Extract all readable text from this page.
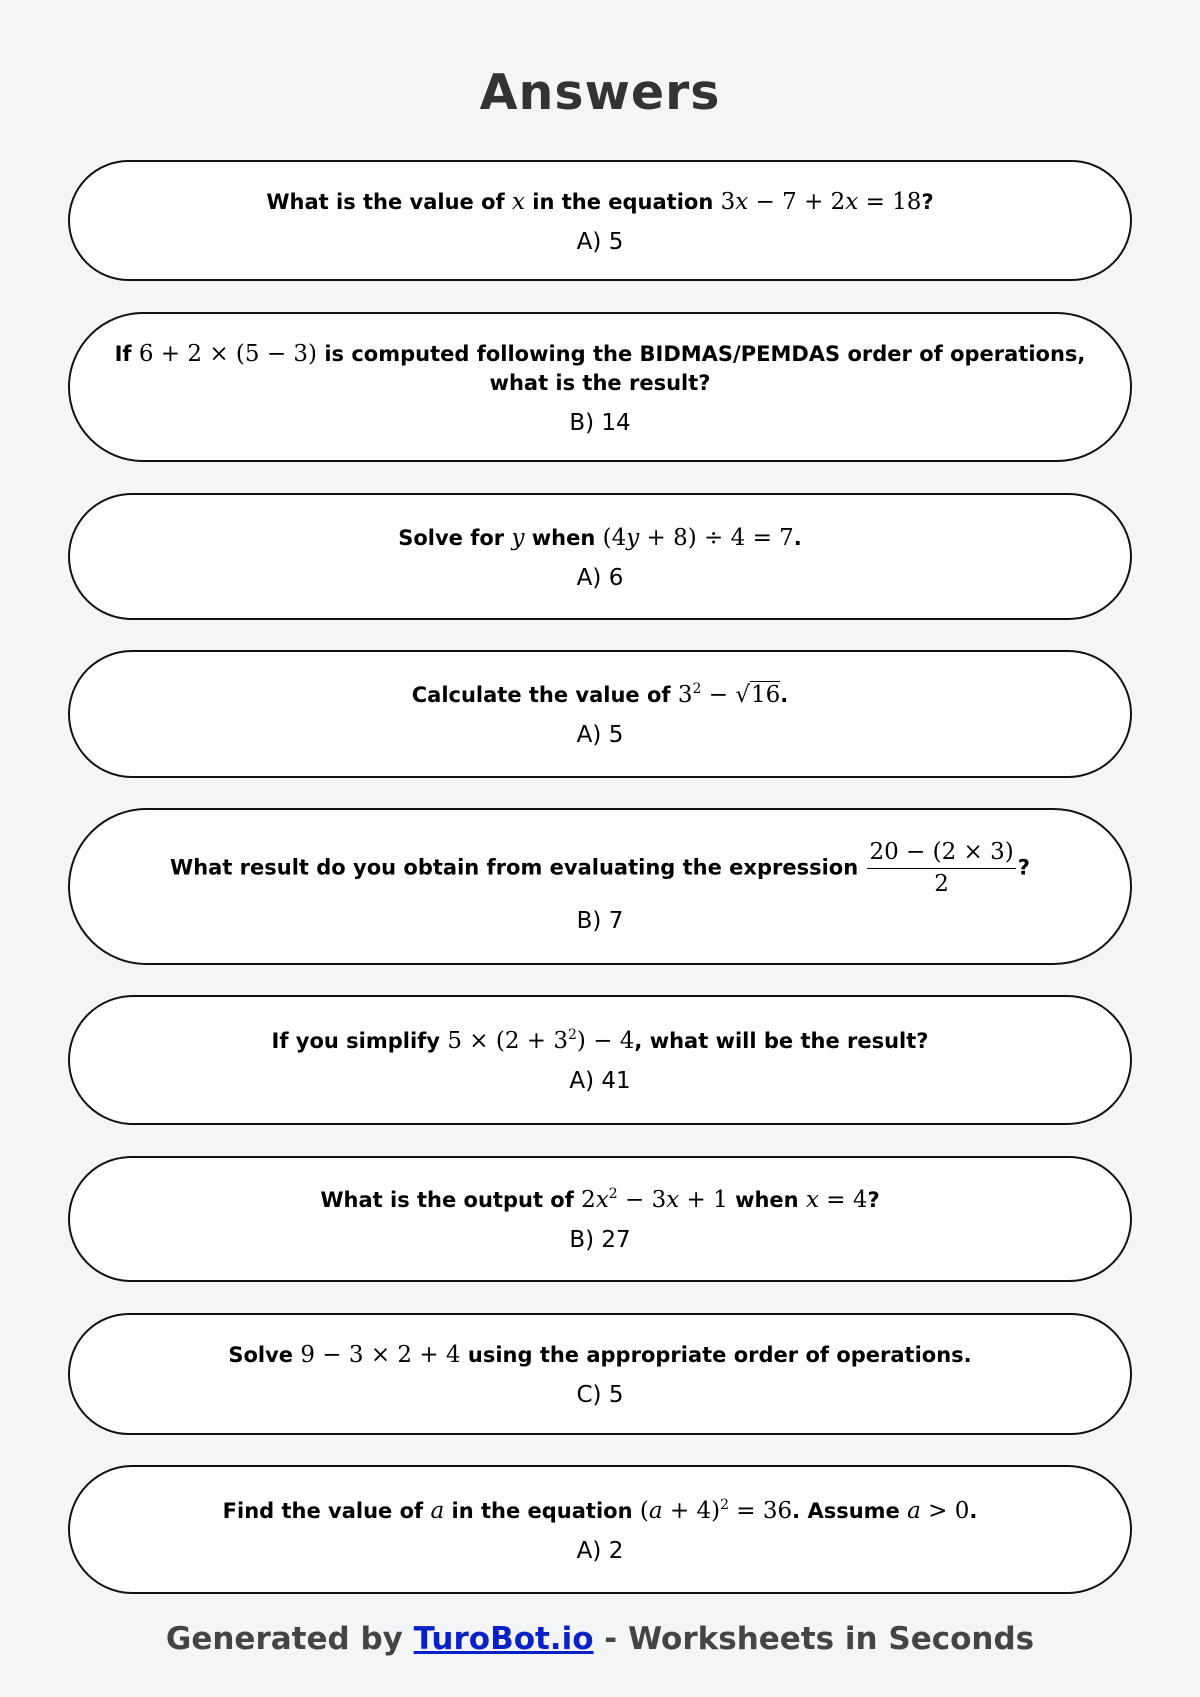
Answers
What is the value of x in the equation 3x − 7 + 2x = 18?
A) 5
If 6 + 2 × (5 − 3) is computed following the BIDMAS/PEMDAS order of operations, what is the result?
B) 14
Solve for y when (4y + 8) ÷ 4 = 7.
A) 6
Calculate the value of $3^2 - √16$.
A) 5
What result do you obtain from evaluating the expression $\frac{20 - (2 \times 3)}{2}$ ?
B) 7
If you simplify $5 \times (2 + 3^2) - 4$, what will be the result?
A) 41
What is the output of $2x^2 - 3x + 1$ when x = 4?
B) 27
Solve 9 − 3 × 2 + 4 using the appropriate order of operations.
C) 5
Find the value of a in the equation $(a + 4)^2 = 36$. Assume a > 0.
A) 2
Generated by TuroBot.io - Worksheets in Seconds
